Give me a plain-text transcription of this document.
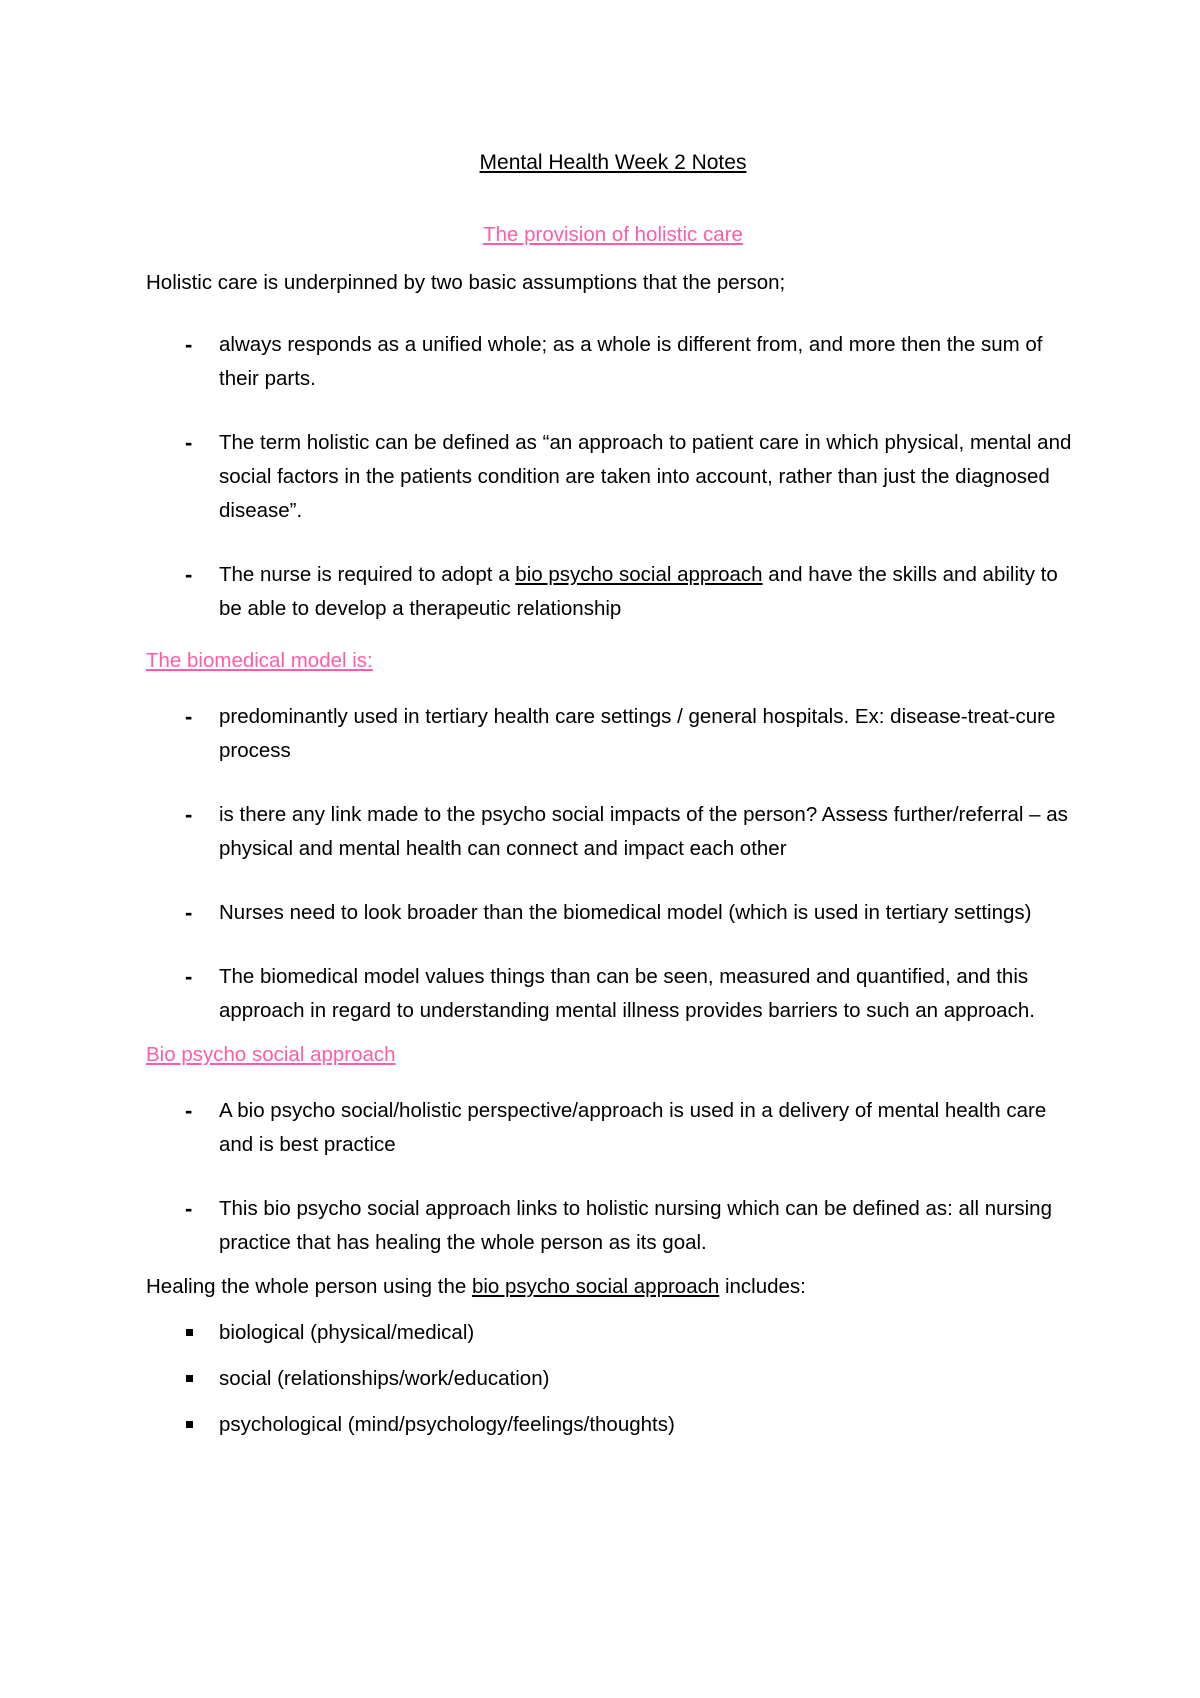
Mental Health Week 2 Notes
The provision of holistic care

Holistic care is underpinned by two basic assumptions that the person;

- always responds as a unified whole; as a whole is different from, and more then the sum of their parts.
- The term holistic can be defined as “an approach to patient care in which physical, mental and social factors in the patients condition are taken into account, rather than just the diagnosed disease”.
- The nurse is required to adopt a bio psycho social approach and have the skills and ability to be able to develop a therapeutic relationship
The biomedical model is:
- predominantly used in tertiary health care settings / general hospitals. Ex: disease-treat-cure process
- is there any link made to the psycho social impacts of the person? Assess further/referral – as physical and mental health can connect and impact each other
- Nurses need to look broader than the biomedical model (which is used in tertiary settings)
- The biomedical model values things than can be seen, measured and quantified, and this approach in regard to understanding mental illness provides barriers to such an approach.
Bio psycho social approach
- A bio psycho social/holistic perspective/approach is used in a delivery of mental health care and is best practice
- This bio psycho social approach links to holistic nursing which can be defined as: all nursing practice that has healing the whole person as its goal.

Healing the whole person using the bio psycho social approach includes:

biological (physical/medical)
social (relationships/work/education)
psychological (mind/psychology/feelings/thoughts)
